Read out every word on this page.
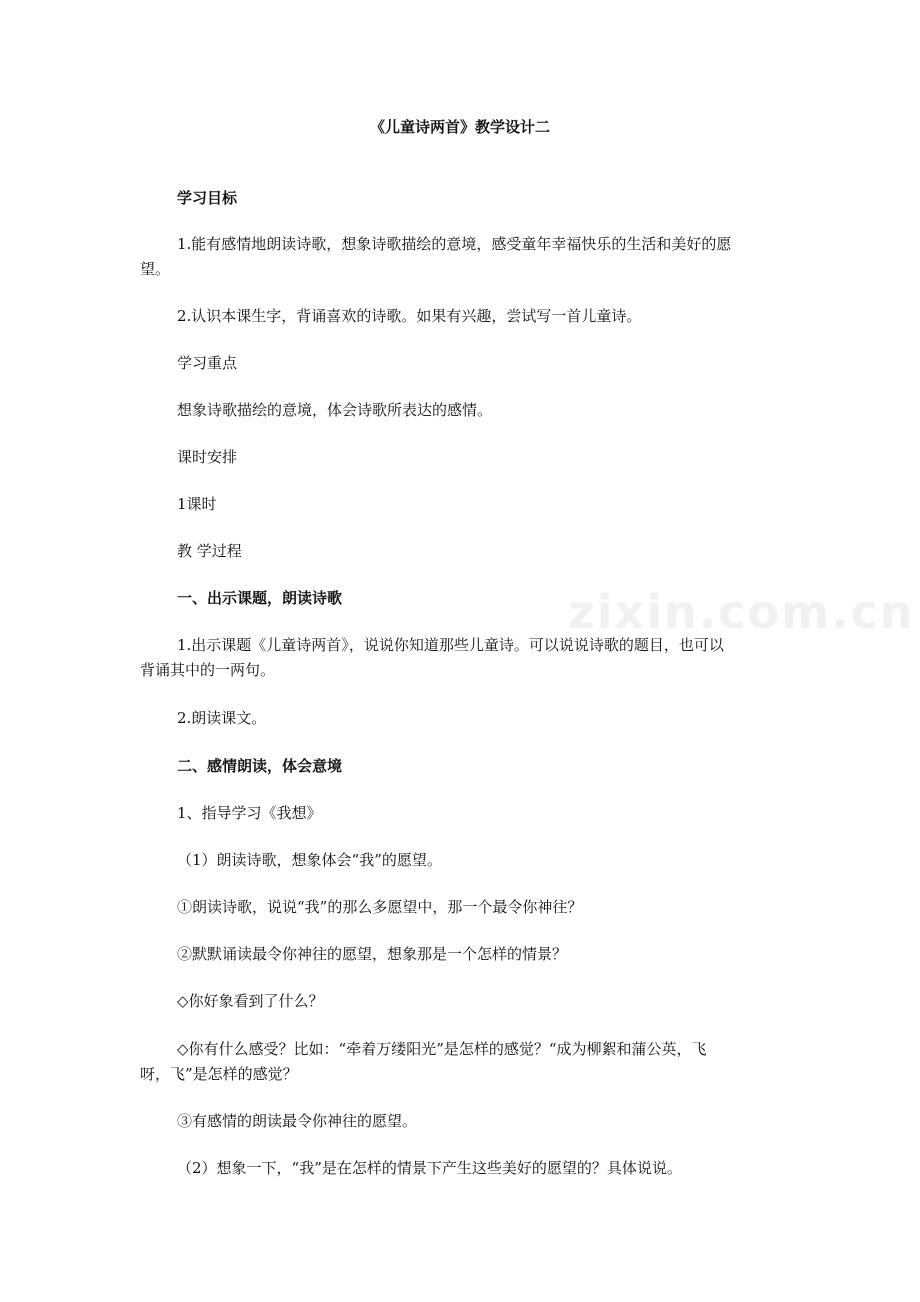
zixin.com.cn
《儿童诗两首》教学设计二
学习目标
1.能有感情地朗读诗歌，想象诗歌描绘的意境，感受童年幸福快乐的生活和美好的愿
望。
2.认识本课生字，背诵喜欢的诗歌。如果有兴趣，尝试写一首儿童诗。
学习重点
想象诗歌描绘的意境，体会诗歌所表达的感情。
课时安排
1课时
教 学过程
一、出示课题，朗读诗歌
1.出示课题《儿童诗两首》，说说你知道那些儿童诗。可以说说诗歌的题目，也可以
背诵其中的一两句。
2.朗读课文。
二、感情朗读，体会意境
1、指导学习《我想》
（1）朗读诗歌，想象体会“我”的愿望。
①朗读诗歌，说说“我”的那么多愿望中，那一个最令你神往？
②默默诵读最令你神往的愿望，想象那是一个怎样的情景？
◇你好象看到了什么？
◇你有什么感受？比如：“牵着万缕阳光”是怎样的感觉？“成为柳絮和蒲公英，飞
呀，飞”是怎样的感觉？
③有感情的朗读最令你神往的愿望。
（2）想象一下，“我”是在怎样的情景下产生这些美好的愿望的？具体说说。
